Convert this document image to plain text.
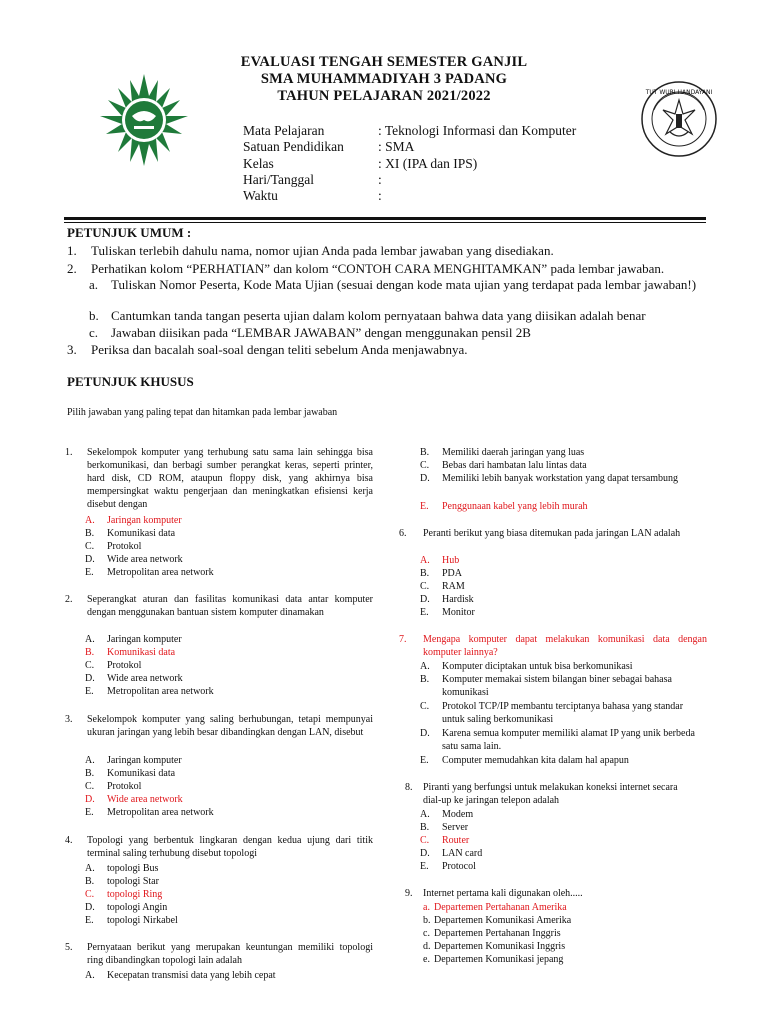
TUT WURI HANDAYANI
EVALUASI TENGAH SEMESTER GANJIL
SMA MUHAMMADIYAH 3 PADANG
TAHUN PELAJARAN 2021/2022
Mata Pelajaran	: Teknologi Informasi dan Komputer
Satuan Pendidikan	: SMA
Kelas	: XI (IPA dan IPS)
Hari/Tanggal	:
Waktu	:
PETUNJUK UMUM :
1. Tuliskan terlebih dahulu nama, nomor ujian Anda pada lembar jawaban yang disediakan.
2. Perhatikan kolom “PERHATIAN” dan kolom “CONTOH CARA MENGHITAMKAN” pada lembar jawaban.
a. Tuliskan Nomor Peserta, Kode Mata Ujian (sesuai dengan kode mata ujian yang terdapat pada lembar jawaban!)
b. Cantumkan tanda tangan peserta ujian dalam kolom pernyataan bahwa data yang diisikan adalah benar
c. Jawaban diisikan pada “LEMBAR JAWABAN” dengan menggunakan pensil 2B
3. Periksa dan bacalah soal-soal dengan teliti sebelum Anda menjawabnya.
PETUNJUK KHUSUS
Pilih jawaban yang paling tepat dan hitamkan pada lembar jawaban
1. Sekelompok komputer yang terhubung satu sama lain sehingga bisa berkomunikasi, dan berbagi sumber perangkat keras, seperti printer, hard disk, CD ROM, ataupun floppy disk, yang akhirnya bisa mempersingkat waktu pengerjaan dan meningkatkan efisiensi kerja disebut dengan
A. Jaringan komputer
B. Komunikasi data
C. Protokol
D. Wide area network
E. Metropolitan area network
2. Seperangkat aturan dan fasilitas komunikasi data antar komputer dengan menggunakan bantuan sistem komputer dinamakan
A. Jaringan komputer
B. Komunikasi data
C. Protokol
D. Wide area network
E. Metropolitan area network
3. Sekelompok komputer yang saling berhubungan, tetapi mempunyai ukuran jaringan yang lebih besar dibandingkan dengan LAN, disebut
A. Jaringan komputer
B. Komunikasi data
C. Protokol
D. Wide area network
E. Metropolitan area network
4. Topologi yang berbentuk lingkaran dengan kedua ujung dari titik terminal saling terhubung disebut topologi
A. topologi Bus
B. topologi Star
C. topologi Ring
D. topologi Angin
E. topologi Nirkabel
5. Pernyataan berikut yang merupakan keuntungan memiliki topologi ring dibandingkan topologi lain adalah
A. Kecepatan transmisi data yang lebih cepat
B. Memiliki daerah jaringan yang luas
C. Bebas dari hambatan lalu lintas data
D. Memiliki lebih banyak workstation yang dapat tersambung
E. Penggunaan kabel yang lebih murah
6. Peranti berikut yang biasa ditemukan pada jaringan LAN adalah
A. Hub
B. PDA
C. RAM
D. Hardisk
E. Monitor
7. Mengapa komputer dapat melakukan komunikasi data dengan komputer lainnya?
A. Komputer diciptakan untuk bisa berkomunikasi
B. Komputer memakai sistem bilangan biner sebagai bahasa komunikasi
C. Protokol TCP/IP membantu terciptanya bahasa yang standar untuk saling berkomunikasi
D. Karena semua komputer memiliki alamat IP yang unik berbeda satu sama lain.
E. Computer memudahkan kita dalam hal apapun
8. Piranti yang berfungsi untuk melakukan koneksi internet secara dial-up ke jaringan telepon adalah
A. Modem
B. Server
C. Router
D. LAN card
E. Protocol
9. Internet pertama kali digunakan oleh.....
a. Departemen Pertahanan Amerika
b. Departemen Komunikasi Amerika
c. Departemen Pertahanan Inggris
d. Departemen Komunikasi Inggris
e. Departemen Komunikasi jepang
